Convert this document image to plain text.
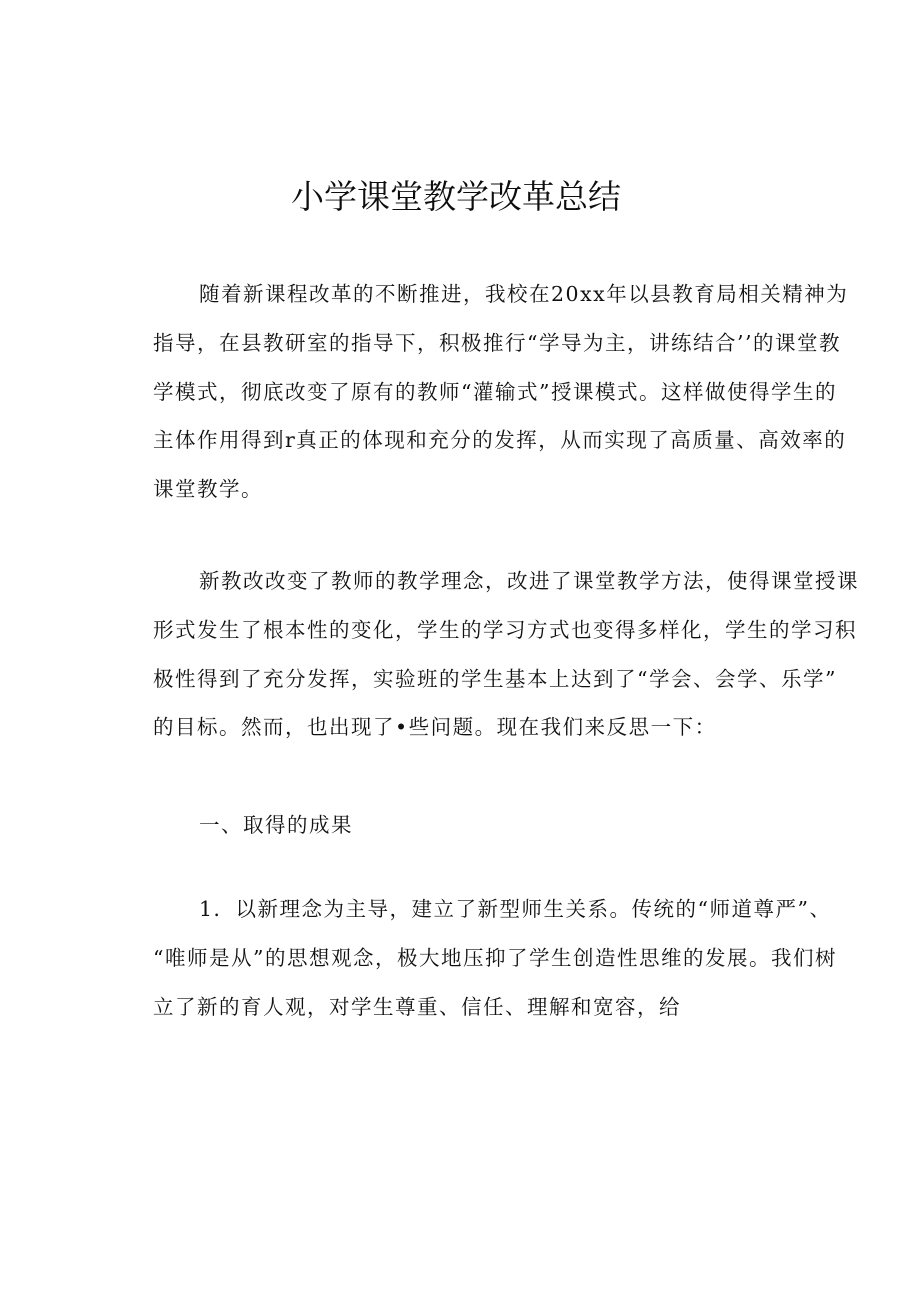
小学课堂教学改革总结
随着新课程改革的不断推进，我校在20xx年以县教育局相关精神为
指导，在县教研室的指导下，积极推行“学导为主，讲练结合’’的课堂教
学模式，彻底改变了原有的教师“灌输式”授课模式。这样做使得学生的
主体作用得到r真正的体现和充分的发挥，从而实现了高质量、高效率的
课堂教学。
新教改改变了教师的教学理念，改进了课堂教学方法，使得课堂授课
形式发生了根本性的变化，学生的学习方式也变得多样化，学生的学习积
极性得到了充分发挥，实验班的学生基本上达到了“学会、会学、乐学”
的目标。然而，也出现了•些问题。现在我们来反思一下：
一、取得的成果
1．以新理念为主导，建立了新型师生关系。传统的“师道尊严”、
“唯师是从”的思想观念，极大地压抑了学生创造性思维的发展。我们树
立了新的育人观，对学生尊重、信任、理解和宽容，给
